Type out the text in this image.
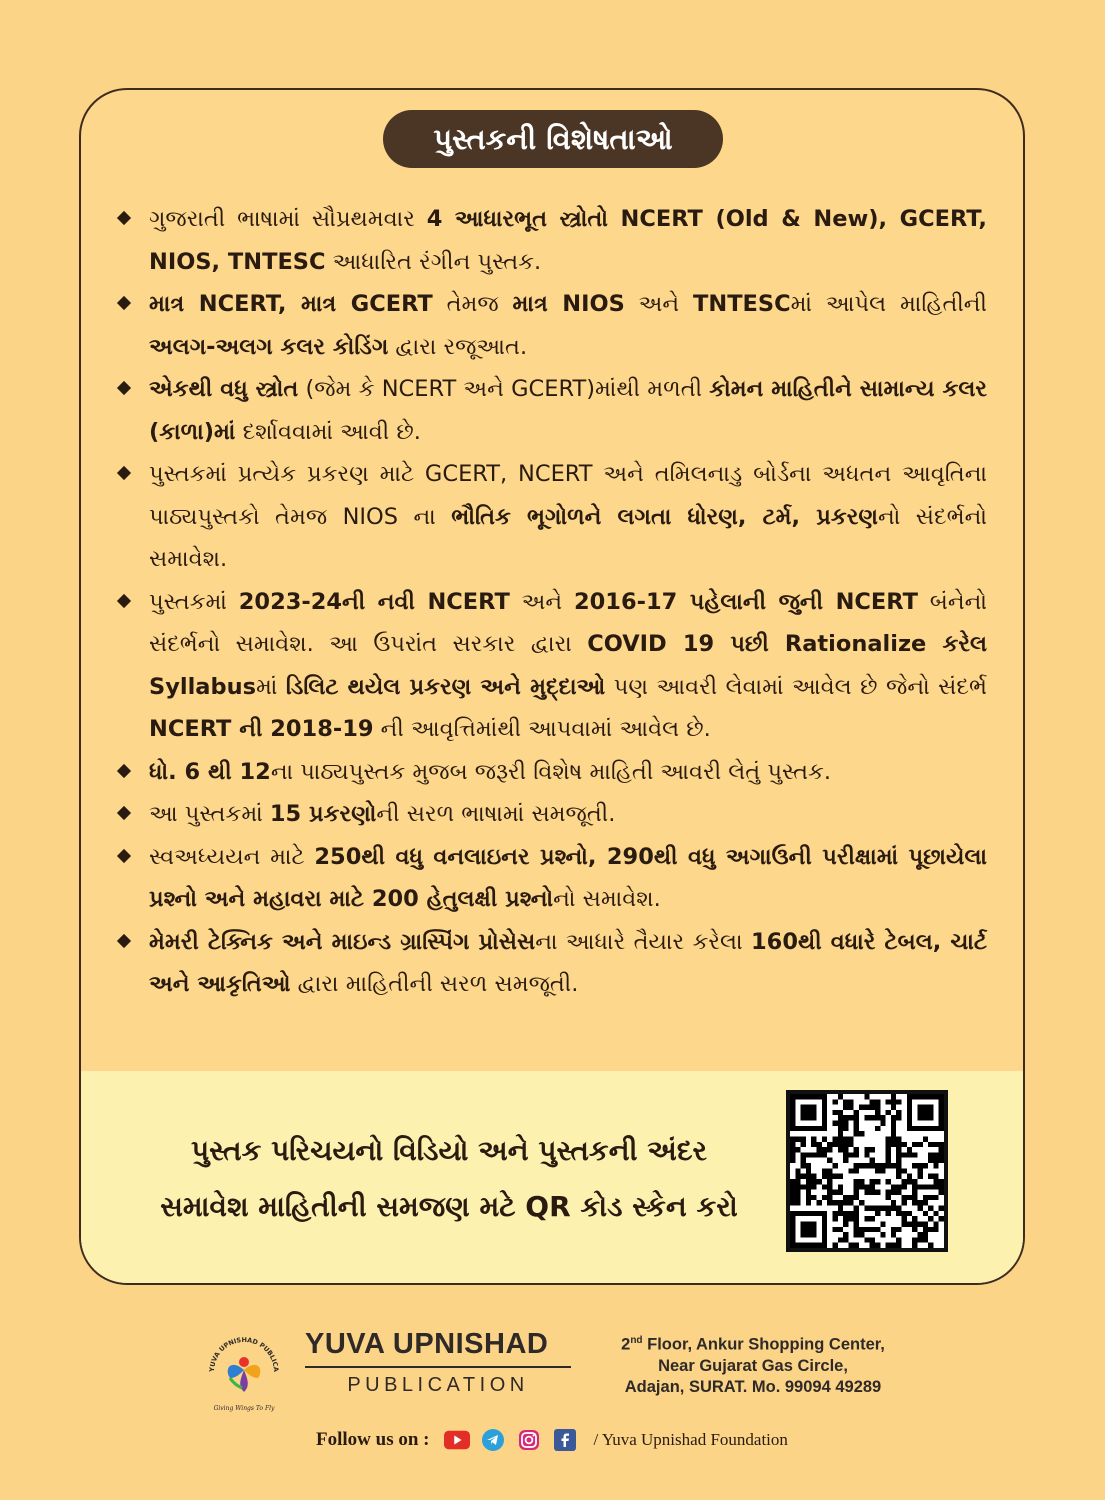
પુસ્તકની વિશેષતાઓ
ગુજરાતી ભાષામાં સૌપ્રથમવાર 4 આધારભૂત સ્ત્રોતો NCERT (Old & New), GCERT, NIOS, TNTESC આધારિત રંગીન પુસ્તક.
માત્ર NCERT, માત્ર GCERT તેમજ માત્ર NIOS અને TNTESCમાં આપેલ માહિતીની અલગ-અલગ કલર કોડિંગ દ્વારા રજૂઆત.
એકથી વધુ સ્ત્રોત (જેમ કે NCERT અને GCERT)માંથી મળતી કોમન માહિતીને સામાન્ય કલર (કાળા)માં દર્શાવવામાં આવી છે.
પુસ્તકમાં પ્રત્યેક પ્રકરણ માટે GCERT, NCERT અને તમિલનાડુ બોર્ડના અધતન આવૃતિના પાઠ્યપુસ્તકો તેમજ NIOS ના ભૌતિક ભૂગોળને લગતા ધોરણ, ટર્મ, પ્રકરણનો સંદર્ભનો સમાવેશ.
પુસ્તકમાં 2023-24ની નવી NCERT અને 2016-17 પહેલાની જુની NCERT બંનેનો સંદર્ભનો સમાવેશ. આ ઉપરાંત સરકાર દ્વારા COVID 19 પછી Rationalize કરેલ Syllabusમાં ડિલિટ થયેલ પ્રકરણ અને મુદ્દાઓ પણ આવરી લેવામાં આવેલ છે જેનો સંદર્ભ NCERT ની 2018-19 ની આવૃત્તિમાંથી આપવામાં આવેલ છે.
ધો. 6 થી 12ના પાઠ્યપુસ્તક મુજબ જરૂરી વિશેષ માહિતી આવરી લેતું પુસ્તક.
આ પુસ્તકમાં 15 પ્રકરણોની સરળ ભાષામાં સમજૂતી.
સ્વઅધ્યયન માટે 250થી વધુ વનલાઇનર પ્રશ્નો, 290થી વધુ અગાઉની પરીક્ષામાં પૂછાયેલા પ્રશ્નો અને મહાવરા માટે 200 હેતુલક્ષી પ્રશ્નોનો સમાવેશ.
મેમરી ટેક્નિક અને માઇન્ડ ગ્રાસ્પિંગ પ્રોસેસના આધારે તૈયાર કરેલા 160થી વધારે ટેબલ, ચાર્ટ અને આકૃતિઓ દ્વારા માહિતીની સરળ સમજૂતી.
પુસ્તક પરિચયનો વિડિયો અને પુસ્તકની અંદર
સમાવેશ માહિતીની સમજણ મટે QR કોડ સ્કેન કરો
YUVA UPNISHAD PUBLICA
Giving Wings To Fly
YUVA UPNISHAD
PUBLICATION
2nd Floor, Ankur Shopping Center,
Near Gujarat Gas Circle,
Adajan, SURAT. Mo. 99094 49289
Follow us on :	/ Yuva Upnishad Foundation
